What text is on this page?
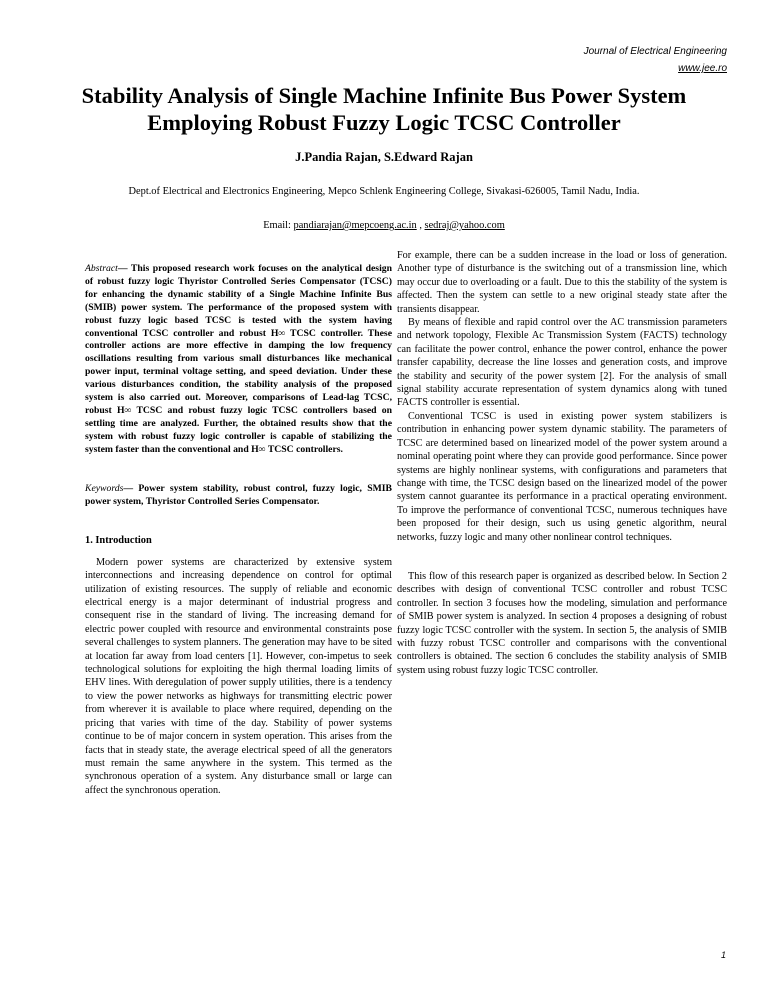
Journal of Electrical Engineering
www.jee.ro
Stability Analysis of Single Machine Infinite Bus Power System
Employing Robust Fuzzy Logic TCSC Controller
J.Pandia Rajan, S.Edward Rajan
Dept.of Electrical and Electronics Engineering, Mepco Schlenk Engineering College, Sivakasi-626005, Tamil Nadu, India.
Email: pandiarajan@mepcoeng.ac.in , sedraj@yahoo.com
Abstract— This proposed research work focuses on the analytical design of robust fuzzy logic Thyristor Controlled Series Compensator (TCSC) for enhancing the dynamic stability of a Single Machine Infinite Bus (SMIB) power system. The performance of the proposed system with robust fuzzy logic based TCSC is tested with the system having conventional TCSC controller and robust H∞ TCSC controller. These controller actions are more effective in damping the low frequency oscillations resulting from various small disturbances like mechanical power input, terminal voltage setting, and speed deviation. Under these various disturbances condition, the stability analysis of the proposed system is also carried out. Moreover, comparisons of Lead-lag TCSC, robust H∞ TCSC and robust fuzzy logic TCSC controllers based on settling time are analyzed. Further, the obtained results show that the system with robust fuzzy logic controller is capable of stabilizing the system faster than the conventional and H∞ TCSC controllers.
Keywords— Power system stability, robust control, fuzzy logic, SMIB power system, Thyristor Controlled Series Compensator.
1. Introduction

Modern power systems are characterized by extensive system interconnections and increasing dependence on control for optimal utilization of existing resources. The supply of reliable and economic electrical energy is a major determinant of industrial progress and consequent rise in the standard of living. The increasing demand for electric power coupled with resource and environmental constraints pose several challenges to system planners. The generation may have to be sited at location far away from load centers [1]. However, con-impetus to seek technological solutions for exploiting the high thermal loading limits of EHV lines. With deregulation of power supply utilities, there is a tendency to view the power networks as highways for transmitting electric power from wherever it is available to place where required, depending on the pricing that varies with time of the day. Stability of power systems continue to be of major concern in system operation. This arises from the facts that in steady state, the average electrical speed of all the generators must remain the same anywhere in the system. This termed as the synchronous operation of a system. Any disturbance small or large can affect the synchronous operation.

For example, there can be a sudden increase in the load or loss of generation. Another type of disturbance is the switching out of a transmission line, which may occur due to overloading or a fault. Due to this the stability of the system is affected. Then the system can settle to a new original steady state after the transients disappear.

By means of flexible and rapid control over the AC transmission parameters and network topology, Flexible Ac Transmission System (FACTS) technology can facilitate the power control, enhance the power control, enhance the power transfer capability, decrease the line losses and generation costs, and improve the stability and security of the power system [2]. For the analysis of small signal stability accurate representation of system dynamics along with tuned FACTS controller is essential.

Conventional TCSC is used in existing power system stabilizers is contribution in enhancing power system dynamic stability. The parameters of TCSC are determined based on linearized model of the power system around a nominal operating point where they can provide good performance. Since power systems are highly nonlinear systems, with configurations and parameters that change with time, the TCSC design based on the linearized model of the power system cannot guarantee its performance in a practical operating environment. To improve the performance of conventional TCSC, numerous techniques have been proposed for their design, such us using genetic algorithm, neural networks, fuzzy logic and many other nonlinear control techniques.

This flow of this research paper is organized as described below. In Section 2 describes with design of conventional TCSC controller and robust TCSC controller. In section 3 focuses how the modeling, simulation and performance of SMIB power system is analyzed. In section 4 proposes a designing of robust fuzzy logic TCSC controller with the system. In section 5, the analysis of SMIB with fuzzy robust TCSC controller and comparisons with the conventional controllers is obtained. The section 6 concludes the stability analysis of SMIB system using robust fuzzy logic TCSC controller.

1
